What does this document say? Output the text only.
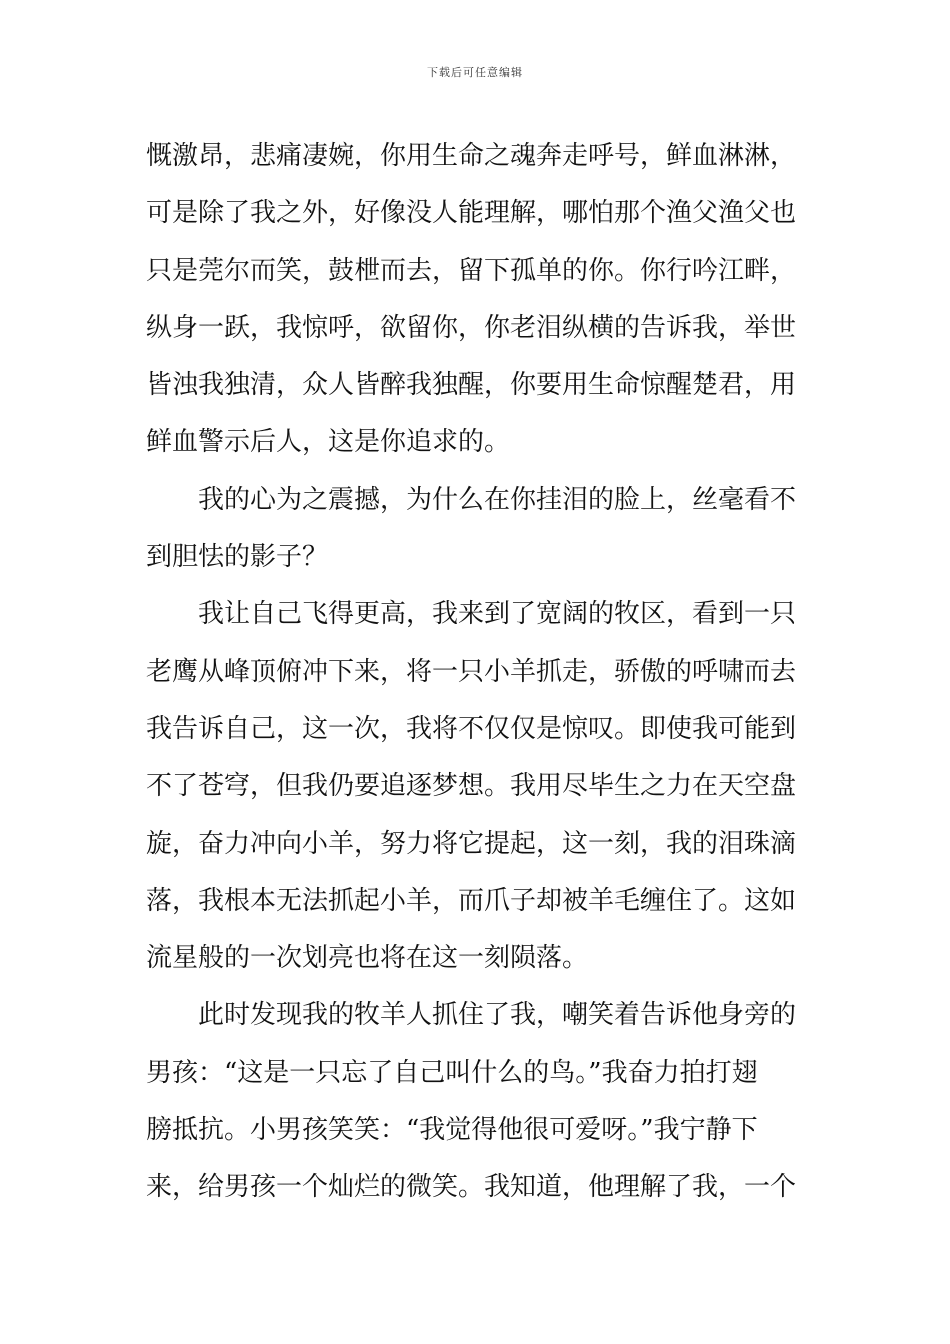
下载后可任意编辑
慨激昂，悲痛凄婉，你用生命之魂奔走呼号，鲜血淋淋，
可是除了我之外，好像没人能理解，哪怕那个渔父渔父也
只是莞尔而笑，鼓枻而去，留下孤单的你。你行吟江畔，
纵身一跃，我惊呼，欲留你，你老泪纵横的告诉我，举世
皆浊我独清，众人皆醉我独醒，你要用生命惊醒楚君，用
鲜血警示后人，这是你追求的。
　　我的心为之震撼，为什么在你挂泪的脸上，丝毫看不
到胆怯的影子？
　　我让自己飞得更高，我来到了宽阔的牧区，看到一只
老鹰从峰顶俯冲下来，将一只小羊抓走，骄傲的呼啸而去
我告诉自己，这一次，我将不仅仅是惊叹。即使我可能到
不了苍穹，但我仍要追逐梦想。我用尽毕生之力在天空盘
旋，奋力冲向小羊，努力将它提起，这一刻，我的泪珠滴
落，我根本无法抓起小羊，而爪子却被羊毛缠住了。这如
流星般的一次划亮也将在这一刻陨落。
　　此时发现我的牧羊人抓住了我，嘲笑着告诉他身旁的
男孩：“这是一只忘了自己叫什么的鸟。”我奋力拍打翅
膀抵抗。小男孩笑笑：“我觉得他很可爱呀。”我宁静下
来，给男孩一个灿烂的微笑。我知道，他理解了我，一个
